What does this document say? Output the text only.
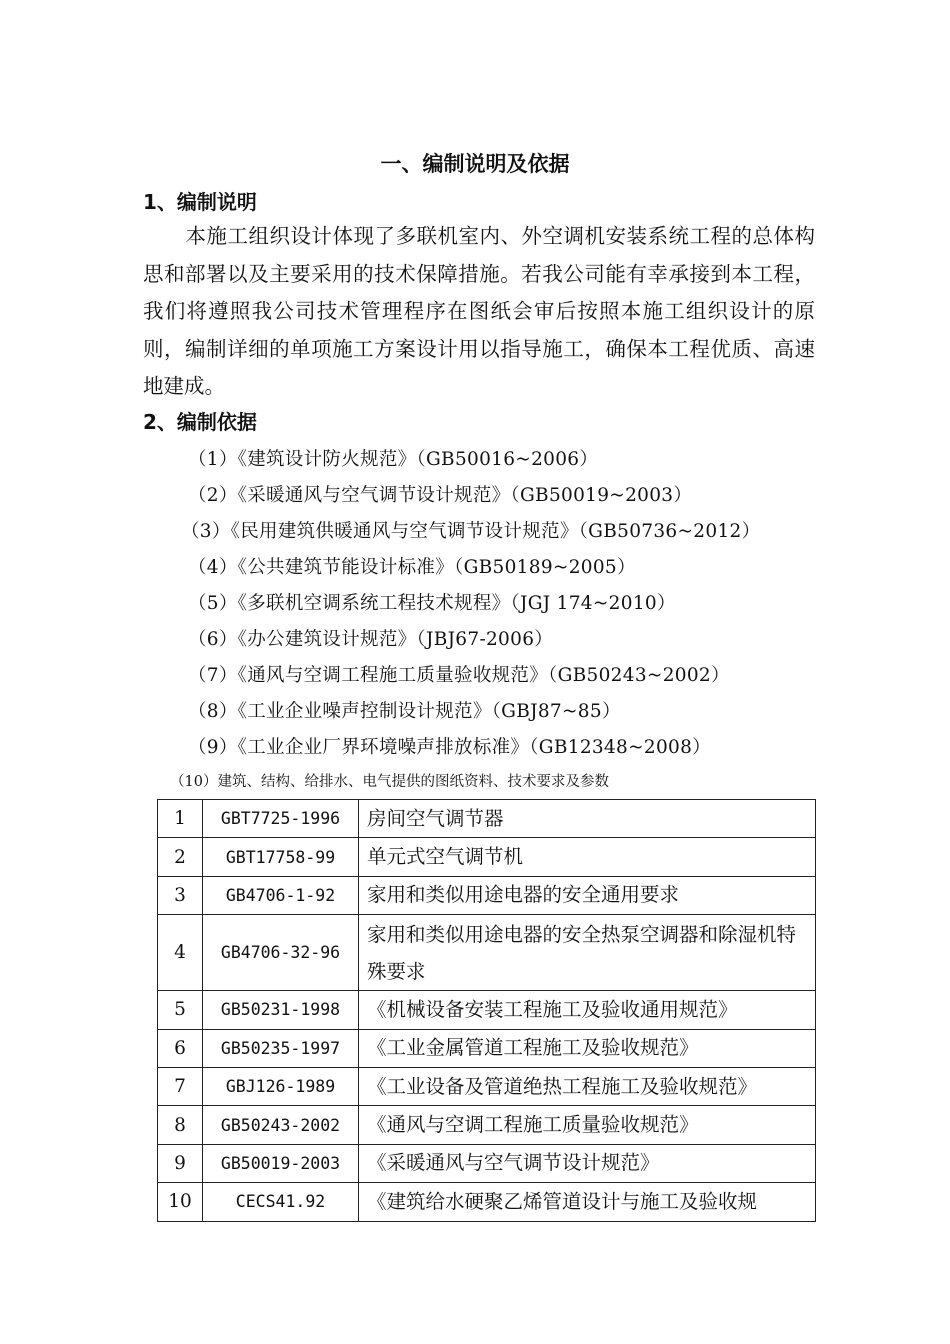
一、编制说明及依据
1、编制说明
本施工组织设计体现了多联机室内、外空调机安装系统工程的总体构思和部署以及主要采用的技术保障措施。若我公司能有幸承接到本工程，我们将遵照我公司技术管理程序在图纸会审后按照本施工组织设计的原则，编制详细的单项施工方案设计用以指导施工，确保本工程优质、高速地建成。
2、编制依据
（1）《建筑设计防火规范》（GB50016~2006）
（2）《采暖通风与空气调节设计规范》（GB50019~2003）
（3）《民用建筑供暖通风与空气调节设计规范》（GB50736~2012）
（4）《公共建筑节能设计标准》（GB50189~2005）
（5）《多联机空调系统工程技术规程》（JGJ 174~2010）
（6）《办公建筑设计规范》（JBJ67-2006）
（7）《通风与空调工程施工质量验收规范》（GB50243~2002）
（8）《工业企业噪声控制设计规范》（GBJ87~85）
（9）《工业企业厂界环境噪声排放标准》（GB12348~2008）
（10）建筑、结构、给排水、电气提供的图纸资料、技术要求及参数
1	GBT7725-1996	房间空气调节器
2	GBT17758-99	单元式空气调节机
3	GB4706-1-92	家用和类似用途电器的安全通用要求
4	GB4706-32-96	家用和类似用途电器的安全热泵空调器和除湿机特殊要求
5	GB50231-1998	《机械设备安装工程施工及验收通用规范》
6	GB50235-1997	《工业金属管道工程施工及验收规范》
7	GBJ126-1989	《工业设备及管道绝热工程施工及验收规范》
8	GB50243-2002	《通风与空调工程施工质量验收规范》
9	GB50019-2003	《采暖通风与空气调节设计规范》
10	CECS41.92	《建筑给水硬聚乙烯管道设计与施工及验收规
